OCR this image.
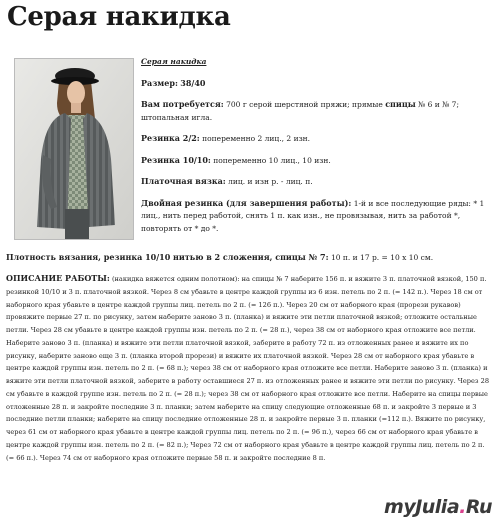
Серая накидка
Серая накидка

Размер: 38/40

Вам потребуется: 700 г серой шерстяной пряжи; прямые спицы № 6 и № 7; штопальная игла.

Резинка 2/2: попеременно 2 лиц., 2 изн.

Резинка 10/10: попеременно 10 лиц., 10 изн.

Платочная вязка: лиц. и изн р. - лиц. п.

Двойная резинка (для завершения работы): 1-й и все последующие ряды: * 1 лиц., нить перед работой, снять 1 п. как изн., не провязывая, нить за работой *, повторять от * до *.

Плотность вязания, резинка 10/10 нитью в 2 сложения, спицы № 7: 10 п. и 17 р. = 10 х 10 см.

ОПИСАНИЕ РАБОТЫ: (накидка вяжется одним полотном): на спицы № 7 наберите 156 п. и вяжите 3 п. платочной вязкой, 150 п. резинкой 10/10 и 3 п. платочной вязкой. Через 8 см убавьте в центре каждой группы из 6 изн. петель по 2 п. (= 142 п.). Через 18 см от наборного края убавьте в центре каждой группы лиц. петель по 2 п. (= 126 п.). Через 20 см от наборного края (прорези рукавов) провяжите первые 27 п. по рисунку, затем наберите заново 3 п. (планка) и вяжите эти петли платочной вязкой; отложите остальные петли. Через 28 см убавьте в центре каждой группы изн. петель по 2 п. (= 28 п.), через 38 см от наборного края отложите все петли. Наберите заново 3 п. (планка) и вяжите эти петли платочной вязкой, заберите в работу 72 п. из отложенных ранее и вяжите их по рисунку, наберите заново еще 3 п. (планка второй прорези) и вяжите их платочной вязкой. Через 28 см от наборного края убавьте в центре каждой группы изн. петель по 2 п. (= 68 п.); через 38 см от наборного края отложите все петли. Наберите заново 3 п. (планка) и вяжите эти петли платочной вязкой, заберите в работу оставшиеся 27 п. из отложенных ранее и вяжите эти петли по рисунку. Через 28 см убавьте в каждой группе изн. петель по 2 п. (= 28 п.); через 38 см от наборного края отложите все петли. Наберите на спицы первые отложенные 28 п. и закройте последние 3 п. планки; затем наберите на спицу следующие отложенные 68 п. и закройте 3 первые и 3 последние петли планки; наберите на спицу последние отложенные 28 п. и закройте первые 3 п. планки (=112 п.). Вяжите по рисунку, через 61 см от наборного края убавьте в центре каждой группы лиц. петель по 2 п. (= 96 п.), через 66 см от наборного края убавьте в центре каждой группы изн. петель по 2 п. (= 82 п.); Через 72 см от наборного края убавьте в центре каждой группы лиц. петель по 2 п. (= 66 п.). Через 74 см от наборного края отложите первые 58 п. и закройте последние 8 п.

myJulia.Ru
